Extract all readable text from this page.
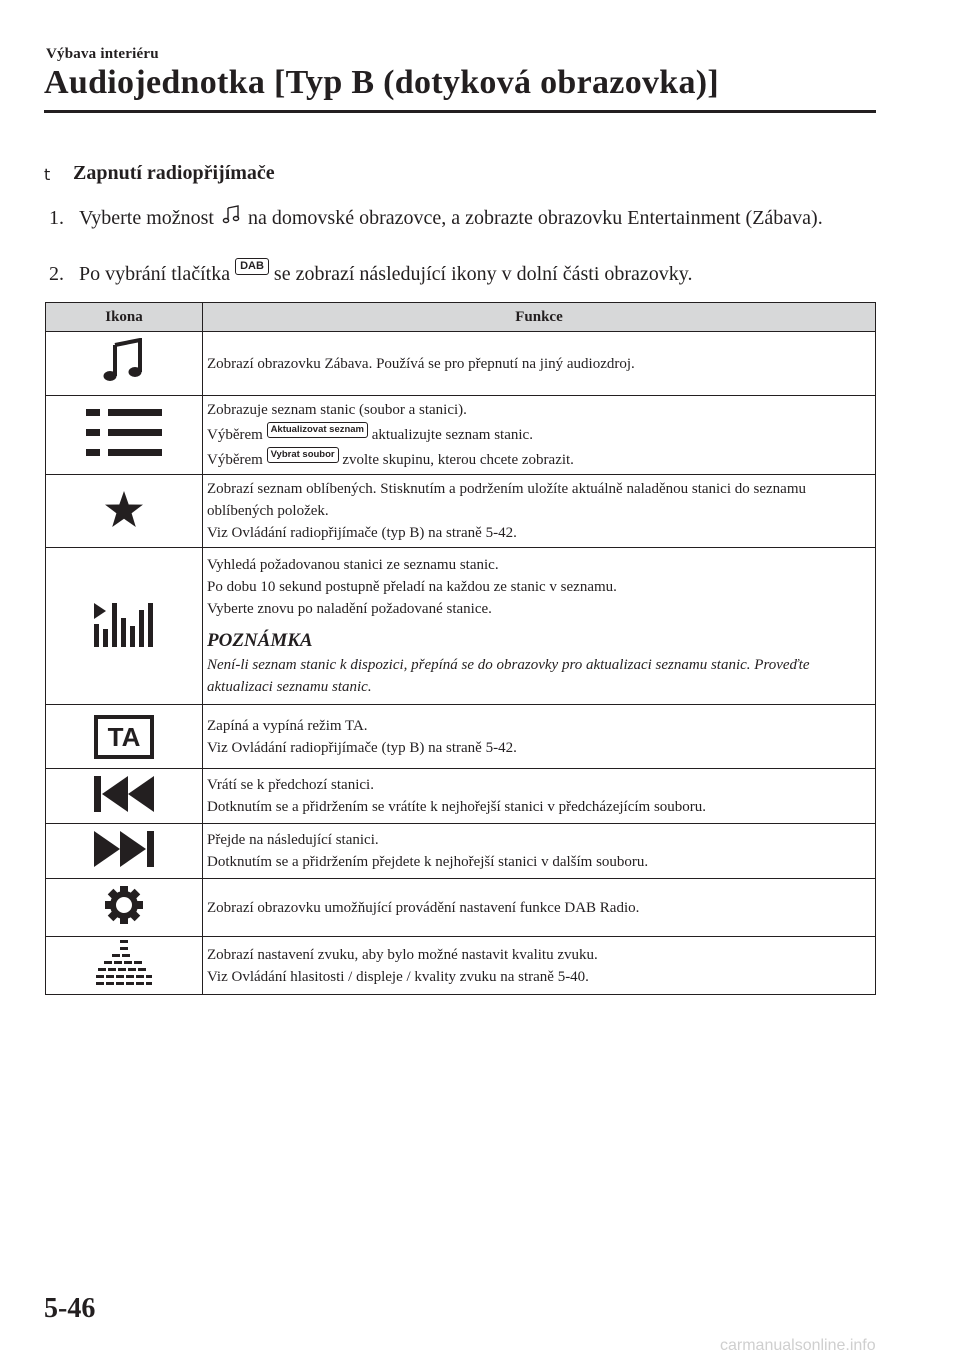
Výbava interiéru
Audiojednotka [Typ B (dotyková obrazovka)]
t Zapnutí radiopřijímače
1. Vyberte možnost na domovské obrazovce, a zobrazte obrazovku Entertainment (Zábava).
2. Po vybrání tlačítka DAB se zobrazí následující ikony v dolní části obrazovky.
Ikona	Funkce

Zobrazí obrazovku Zábava. Používá se pro přepnutí na jiný audiozdroj.

Zobrazuje seznam stanic (soubor a stanici).
Výběrem Aktualizovat seznam aktualizujte seznam stanic.
Výběrem Vybrat soubor zvolte skupinu, kterou chcete zobrazit.

Zobrazí seznam oblíbených. Stisknutím a podržením uložíte aktuálně naladěnou stanici do seznamu oblíbených položek.
Viz Ovládání radiopřijímače (typ B) na straně 5-42.

Vyhledá požadovanou stanici ze seznamu stanic.
Po dobu 10 sekund postupně přeladí na každou ze stanic v seznamu.
Vyberte znovu po naladění požadované stanice.
POZNÁMKA
Není-li seznam stanic k dispozici, přepíná se do obrazovky pro aktualizaci seznamu stanic. Proveďte aktualizaci seznamu stanic.

TA	Zapíná a vypíná režim TA.
Viz Ovládání radiopřijímače (typ B) na straně 5-42.

Vrátí se k předchozí stanici.
Dotknutím se a přidržením se vrátíte k nejhořejší stanici v předcházejícím souboru.

Přejde na následující stanici.
Dotknutím se a přidržením přejdete k nejhořejší stanici v dalším souboru.

Zobrazí obrazovku umožňující provádění nastavení funkce DAB Radio.

Zobrazí nastavení zvuku, aby bylo možné nastavit kvalitu zvuku.
Viz Ovládání hlasitosti / displeje / kvality zvuku na straně 5-40.
5-46
carmanualsonline.info
